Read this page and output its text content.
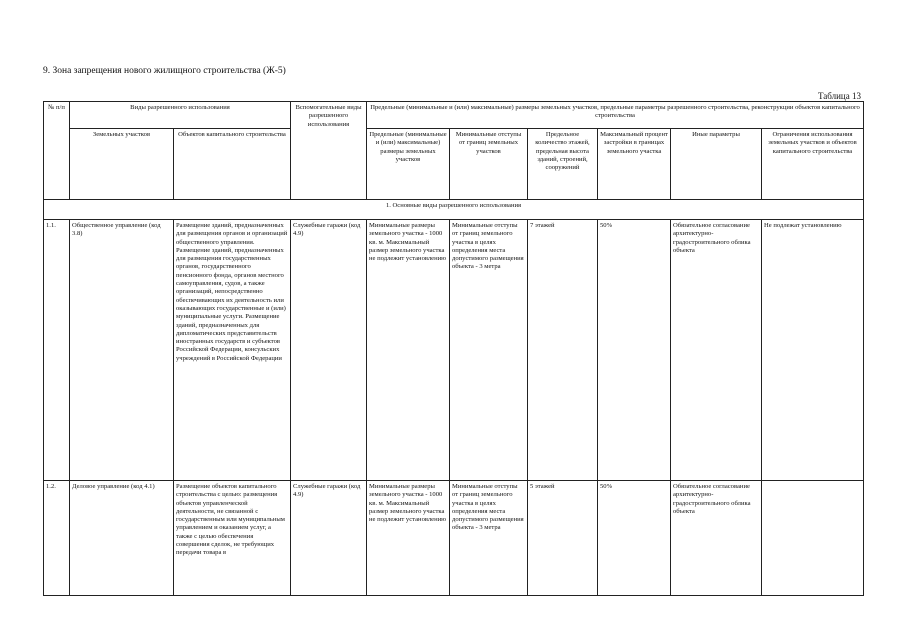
9. Зона запрещения нового жилищного строительства (Ж-5)
Таблица 13
№ п/п	Виды разрешенного использования		Вспомогательные виды разрешенного использования	Предельные (минимальные и (или) максимальные) размеры земельных участков, предельные параметры разрешенного строительства, реконструкции объектов капитального строительства					
	Земельных участков	Объектов капитального строительства		Предельные (минимальные и (или) максимальные) размеры земельных участков	Минимальные отступы от границ земельных участков	Предельное количество этажей, предельная высота зданий, строений, сооружений	Максимальный процент застройки в границах земельного участка	Иные параметры	Ограничения использования земельных участков и объектов капитального строительства
1. Основные виды разрешенного использования									
1.1.	Общественное управление (код 3.8)	Размещение зданий, предназначенных для размещения органов и организаций общественного управления. Размещение зданий, предназначенных для размещения государственных органов, государственного пенсионного фонда, органов местного самоуправления, судов, а также организаций, непосредственно обеспечивающих их деятельность или оказывающих государственные и (или) муниципальные услуги. Размещение зданий, предназначенных для дипломатических представительств иностранных государств и субъектов Российской Федерации, консульских учреждений в Российской Федерации	Служебные гаражи (код 4.9)	Минимальные размеры земельного участка - 1000 кв. м. Максимальный размер земельного участка не подлежит установлению	Минимальные отступы от границ земельного участка в целях определения места допустимого размещения объекта - 3 метра	7 этажей	50%	Обязательное согласование архитектурно-градостроительного облика объекта	Не подлежат установлению
1.2.	Деловое управление (код 4.1)	Размещение объектов капитального строительства с целью: размещения объектов управленческой деятельности, не связанной с государственным или муниципальным управлением и оказанием услуг, а также с целью обеспечения совершения сделок, не требующих передачи товара в	Служебные гаражи (код 4.9)	Минимальные размеры земельного участка - 1000 кв. м. Максимальный размер земельного участка не подлежит установлению	Минимальные отступы от границ земельного участка в целях определения места допустимого размещения объекта - 3 метра	5 этажей	50%	Обязательное согласование архитектурно-градостроительного облика объекта	
